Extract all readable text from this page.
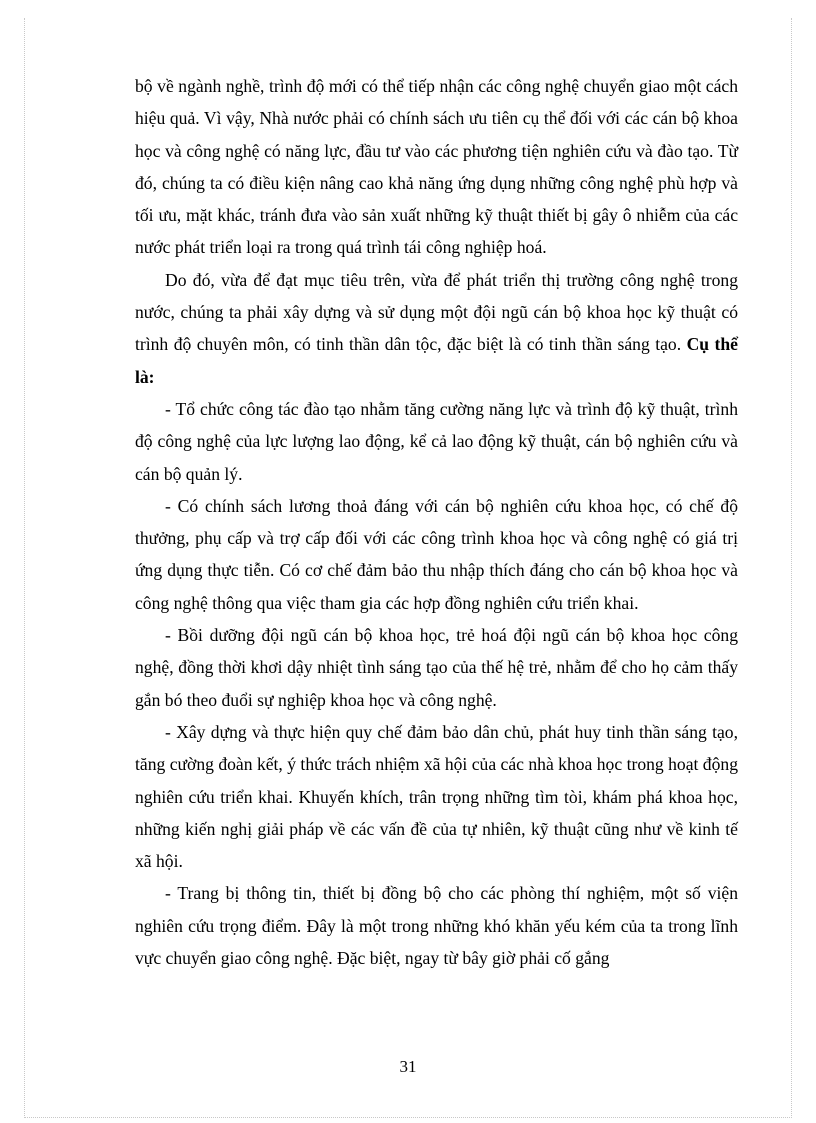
bộ về ngành nghề, trình độ mới có thể tiếp nhận các công nghệ chuyển giao một cách hiệu quả. Vì vậy, Nhà nước phải có chính sách ưu tiên cụ thể đối với các cán bộ khoa học và công nghệ có năng lực, đầu tư vào các phương tiện nghiên cứu và đào tạo. Từ đó, chúng ta có điều kiện nâng cao khả năng ứng dụng những công nghệ phù hợp và tối ưu, mặt khác, tránh đưa vào sản xuất những kỹ thuật thiết bị gây ô nhiễm của các nước phát triển loại ra trong quá trình tái công nghiệp hoá.

Do đó, vừa để đạt mục tiêu trên, vừa để phát triển thị trường công nghệ trong nước, chúng ta phải xây dựng và sử dụng một đội ngũ cán bộ khoa học kỹ thuật có trình độ chuyên môn, có tinh thần dân tộc, đặc biệt là có tinh thần sáng tạo. Cụ thể là:

- Tổ chức công tác đào tạo nhằm tăng cường năng lực và trình độ kỹ thuật, trình độ công nghệ của lực lượng lao động, kể cả lao động kỹ thuật, cán bộ nghiên cứu và cán bộ quản lý.

- Có chính sách lương thoả đáng với cán bộ nghiên cứu khoa học, có chế độ thưởng, phụ cấp và trợ cấp đối với các công trình khoa học và công nghệ có giá trị ứng dụng thực tiễn. Có cơ chế đảm bảo thu nhập thích đáng cho cán bộ khoa học và công nghệ thông qua việc tham gia các hợp đồng nghiên cứu triển khai.

- Bồi dưỡng đội ngũ cán bộ khoa học, trẻ hoá đội ngũ cán bộ khoa học công nghệ, đồng thời khơi dậy nhiệt tình sáng tạo của thế hệ trẻ, nhằm để cho họ cảm thấy gắn bó theo đuổi sự nghiệp khoa học và công nghệ.

- Xây dựng và thực hiện quy chế đảm bảo dân chủ, phát huy tinh thần sáng tạo, tăng cường đoàn kết, ý thức trách nhiệm xã hội của các nhà khoa học trong hoạt động nghiên cứu triển khai. Khuyến khích, trân trọng những tìm tòi, khám phá khoa học, những kiến nghị giải pháp về các vấn đề của tự nhiên, kỹ thuật cũng như về kinh tế xã hội.

- Trang bị thông tin, thiết bị đồng bộ cho các phòng thí nghiệm, một số viện nghiên cứu trọng điểm. Đây là một trong những khó khăn yếu kém của ta trong lĩnh vực chuyển giao công nghệ. Đặc biệt, ngay từ bây giờ phải cố gắng

31
